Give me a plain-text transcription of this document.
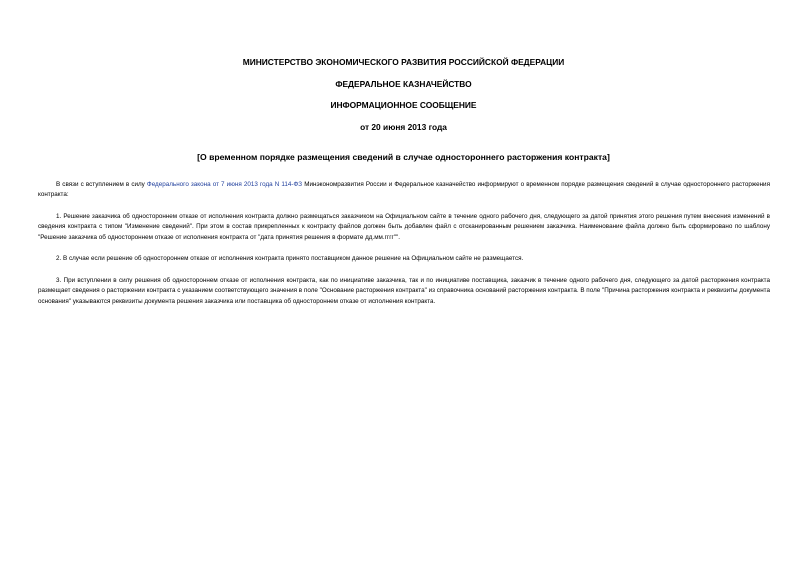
МИНИСТЕРСТВО ЭКОНОМИЧЕСКОГО РАЗВИТИЯ РОССИЙСКОЙ ФЕДЕРАЦИИ
ФЕДЕРАЛЬНОЕ КАЗНАЧЕЙСТВО
ИНФОРМАЦИОННОЕ СООБЩЕНИЕ
от 20 июня 2013 года
[О временном порядке размещения сведений в случае одностороннего расторжения контракта]
В связи с вступлением в силу Федерального закона от 7 июня 2013 года N 114-ФЗ Минэкономразвития России и Федеральное казначейство информируют о временном порядке размещения сведений в случае одностороннего расторжения контракта:
1. Решение заказчика об одностороннем отказе от исполнения контракта должно размещаться заказчиком на Официальном сайте в течение одного рабочего дня, следующего за датой принятия этого решения путем внесения изменений в сведения контракта с типом "Изменение сведений". При этом в состав прикрепленных к контракту файлов должен быть добавлен файл с отсканированным решением заказчика. Наименование файла должно быть сформировано по шаблону "Решение заказчика об одностороннем отказе от исполнения контракта от "дата принятия решения в формате дд.мм.гггг"".
2. В случае если решение об одностороннем отказе от исполнения контракта принято поставщиком данное решение на Официальном сайте не размещается.
3. При вступлении в силу решения об одностороннем отказе от исполнения контракта, как по инициативе заказчика, так и по инициативе поставщика, заказчик в течение одного рабочего дня, следующего за датой расторжения контракта размещает сведения о расторжении контракта с указанием соответствующего значения в поле "Основание расторжения контракта" из справочника оснований расторжения контракта. В поле "Причина расторжения контракта и реквизиты документа основания" указываются реквизиты документа решения заказчика или поставщика об одностороннем отказе от исполнения контракта.
